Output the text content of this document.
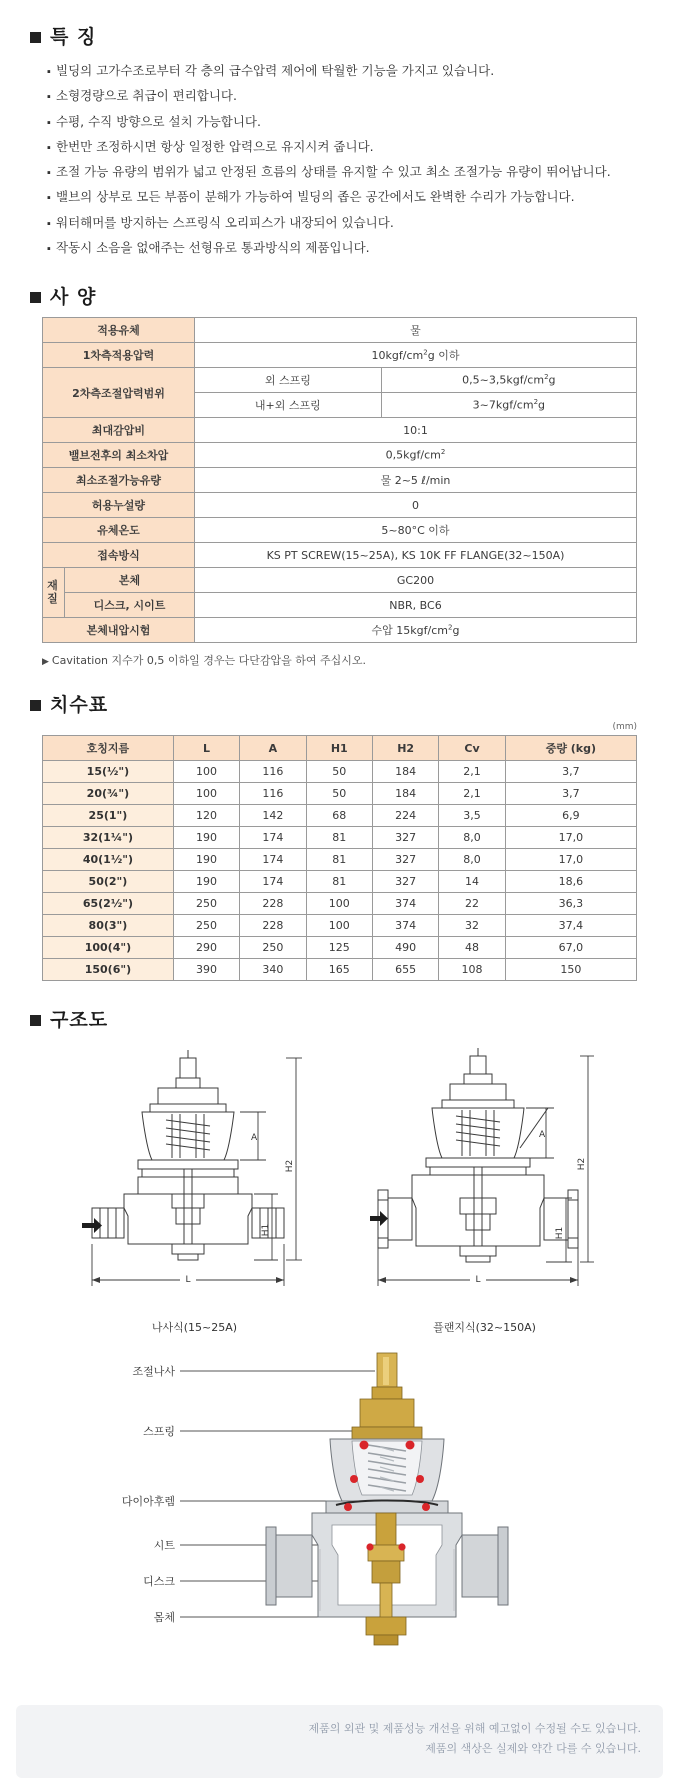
특 징
· 빌딩의 고가수조로부터 각 층의 급수압력 제어에 탁월한 기능을 가지고 있습니다.
· 소형경량으로 취급이 편리합니다.
· 수평, 수직 방향으로 설치 가능합니다.
· 한번만 조정하시면 항상 일정한 압력으로 유지시켜 줍니다.
· 조절 가능 유량의 범위가 넓고 안정된 흐름의 상태를 유지할 수 있고 최소 조절가능 유량이 뛰어납니다.
· 밸브의 상부로 모든 부품이 분해가 가능하여 빌딩의 좁은 공간에서도 완벽한 수리가 가능합니다.
· 워터해머를 방지하는 스프링식 오리피스가 내장되어 있습니다.
· 작동시 소음을 없애주는 선형유로 통과방식의 제품입니다.
사 양
적용유체		물	
1차측적용압력		$10kgf/cm^2g$ 이하	
2차측조절압력범위		외 스프링	$0,5\sim 3,5kgf/cm^2g$
		내+외 스프링	$3\sim 7kgf/cm^2g$
최대감압비		10:1	
밸브전후의 최소차압		$0,5kgf/cm^2$
최소조절가능유량		물 2~5 ℓ/min	
허용누설량		0	
유체온도		5~80°C 이하	
접속방식		KS PT SCREW(15~25A), KS 10K FF FLANGE(32~150A)	
재질	본체	GC200	
	디스크, 시이트	NBR, BC6	
본체내압시험		수압 $15kgf/cm^2g$	
▶ Cavitation 지수가 0,5 이하일 경우는 다단감압을 하여 주십시오.
치수표
(mm)
호칭지름	L	A	H1	H2	Cv	중량 (kg)
15(½")	100	116	50	184	2,1	3,7
20(¾")	100	116	50	184	2,1	3,7
25(1")	120	142	68	224	3,5	6,9
32(1¼")	190	174	81	327	8,0	17,0
40(1½")	190	174	81	327	8,0	17,0
50(2")	190	174	81	327	14	18,6
65(2½")	250	228	100	374	22	36,3
80(3")	250	228	100	374	32	37,4
100(4")	290	250	125	490	48	67,0
150(6")	390	340	165	655	108	150
구조도
A
H2
H1
L
나사식(15~25A)
A
H2
H1
L
플랜지식(32~150A)
조절나사
스프링
다이아후렘
시트
디스크
몸체

제품의 외관 및 제품성능 개선을 위해 예고없이 수정될 수도 있습니다.

제품의 색상은 실제와 약간 다를 수 있습니다.
